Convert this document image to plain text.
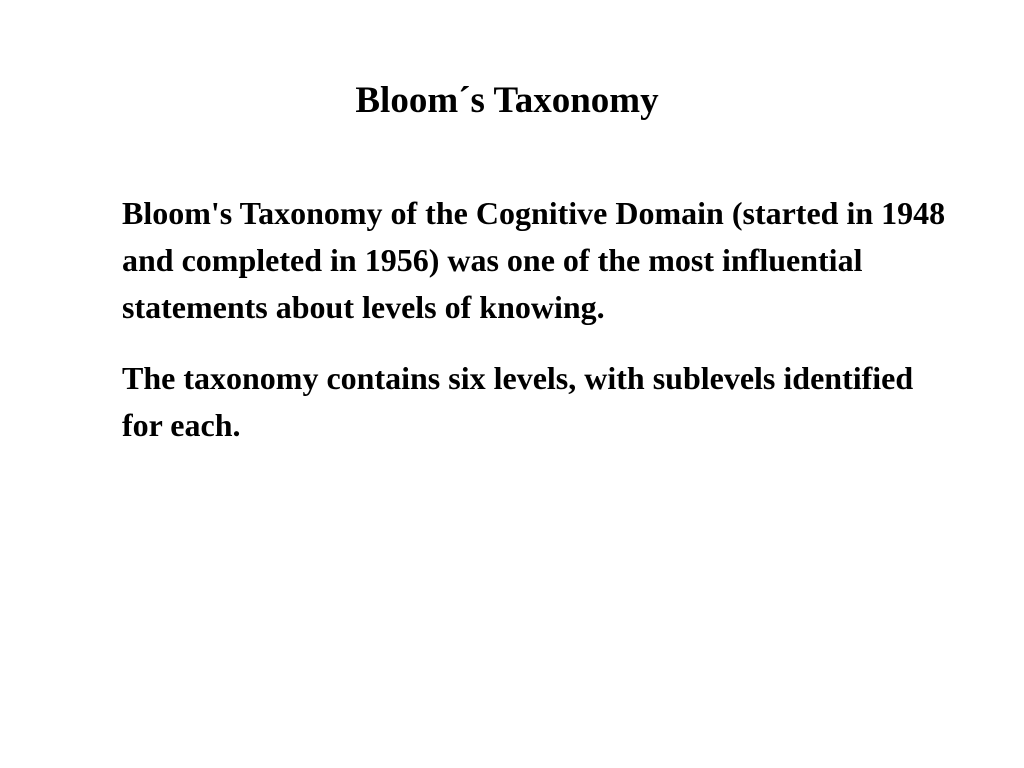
Bloom´s Taxonomy

Bloom's Taxonomy of the Cognitive Domain (started in 1948 and completed in 1956) was one of the most influential statements about levels of knowing.

The taxonomy contains six levels, with sublevels identified for each.
